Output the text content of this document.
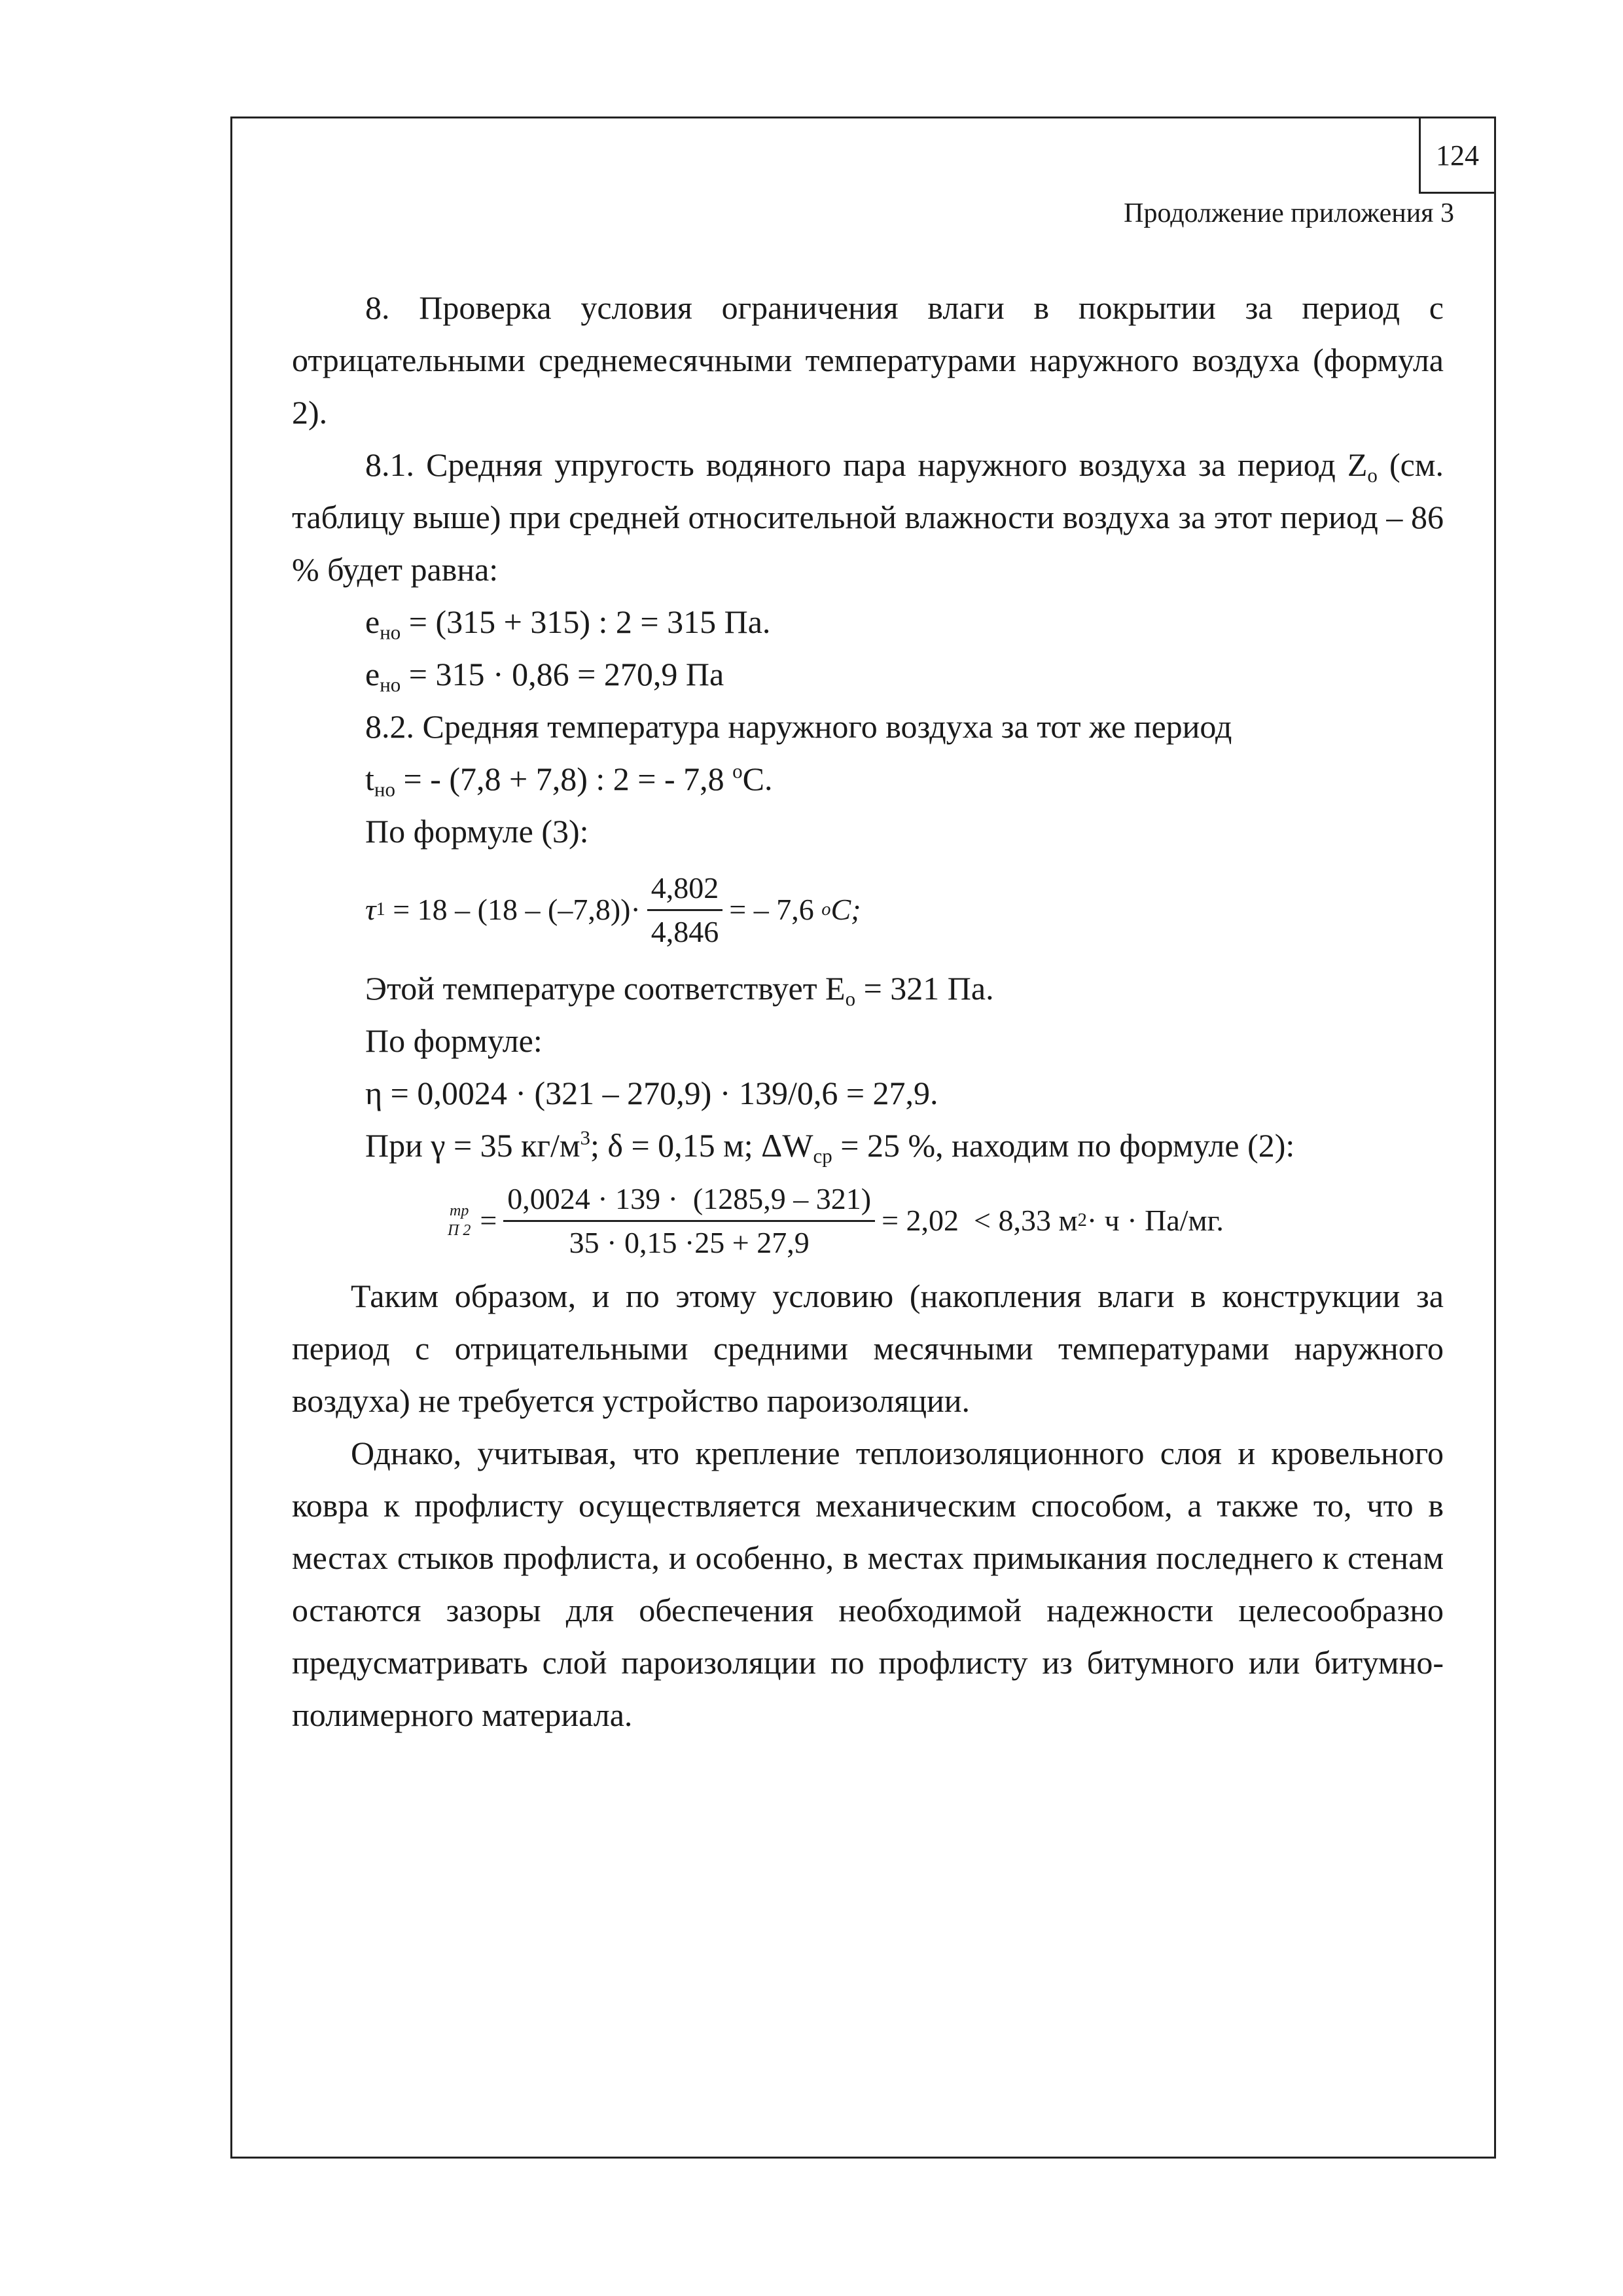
124
Продолжение приложения 3

8. Проверка условия ограничения влаги в покрытии за период с отрицательными среднемесячными температурами наружного воздуха (формула 2).

8.1. Средняя упругость водяного пара наружного воздуха за период $Z_o$ (см. таблицу выше) при средней относительной влажности воздуха за этот период – 86 % будет равна:

$e_{но} = (315 + 315)$ : 2 = 315 Па.

$e_{но} = 315 \cdot 0,86 = 270,9$ Па

8.2. Средняя температура наружного воздуха за тот же период

$t_{но}$ = - (7,8 + 7,8) : 2 = - 7,8 $^o$С.

По формуле (3):

τ $1 = 18 - (18 - (-7,8))\cdot \frac{4,802}{4,846}$ = – 7,6 o C;

Этой температуре соответствует $E_o = 321$ Па.

По формуле:

η = 0,0024 · (321 – 270,9) · 139/0,6 = 27,9.

При γ = 35 $кг/м^3$; δ = 0,15 м; $\Delta W_{ср} = 25$ %, находим по формуле (2):

тр
П $2 = \frac{0,0024 \cdot 139 \cdot (1285,9 - 321)}{35 \cdot 0,15 \cdot 25 + 27,9} = 2,02 < 8,33$ м 2 · ч · Па/мг.

Таким образом, и по этому условию (накопления влаги в конструкции за период с отрицательными средними месячными температурами наружного воздуха) не требуется устройство пароизоляции.

Однако, учитывая, что крепление теплоизоляционного слоя и кровельного ковра к профлисту осуществляется механическим способом, а также то, что в местах стыков профлиста, и особенно, в местах примыкания последнего к стенам остаются зазоры для обеспечения необходимой надежности целесообразно предусматривать слой пароизоляции по профлисту из битумного или битумно-полимерного материала.
